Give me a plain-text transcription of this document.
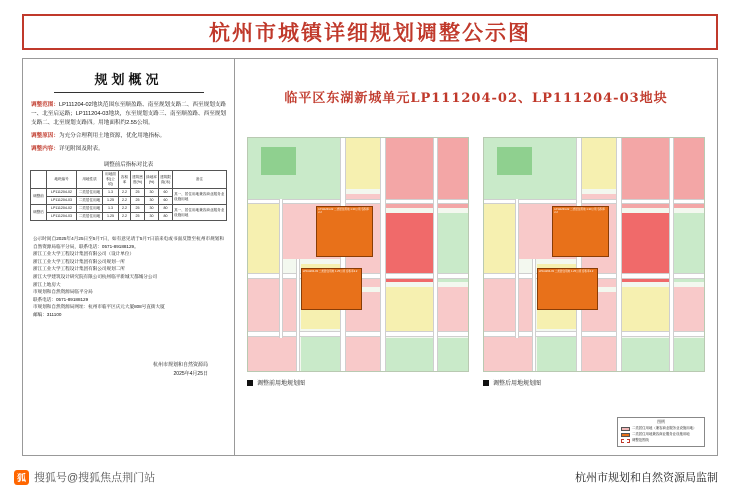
杭州市城镇详细规划调整公示图
规划概况
调整范围：LP111204-02地块范围东至顺盈路、南至规划支路二、西至规划支路一、北至启运路；LP111204-03地块，东至规划支路三、南至顺盈路、西至规划支路二、北至规划支路四。用地面积约2.55公顷。
调整原因：为充分合理利用土地资源，优化用地指标。
调整内容：详见附图及附表。
调整前后指标对比表
	地块编号	用地性质	用地面积(公顷)	容积率	建筑密度(%)	绿地率(%)	建筑限高(米)	备注
调整前	LP111204-02	二类居住用地	1.3	2.2	25	30	60	其一、居住用地兼容商业服务业设施用地
	LP111204-03	二类居住用地	1.25	2.2	25	30	60	
调整后	LP111204-02	二类居住用地	1.3	2.2	25	30	80	其一、居住用地兼容商业服务业设施用地
	LP111204-03	二类居住用地	1.25	2.2	25	30	80	
公示时间自2025年4月25日至5月7日，如有意见请于5月7日前来电或书面反馈至杭州市规划和自然资源局临平分局，联系电话：0571-89188129。
浙江工业大学工程设计集团有限公司（设计单位）
浙江工业大学工程设计集团有限公司规划一所
浙江工业大学工程设计集团有限公司规划二所
浙江大学建筑设计研究院有限公司杭州临平新城天都城分公司
浙江上地房大
市规划和自然资源局临平分局
联系电话：0571-89188129
市规划和自然资源局网址：杭州市临平区庆元大厦808号直街大厦
邮编：311100
杭州市规划和自然资源局
2025年4月25日
临平区东湖新城单元LP111204-02、LP111204-03地块
LP111204-02 二类居住用地 1.30公顷 容积率2.2
LP111204-03 二类居住用地 1.25公顷 容积率2.2
调整前用地规划图
LP111204-02 二类居住用地 1.30公顷 容积率2.2
LP111204-03 二类居住用地 1.25公顷 容积率2.2
调整后用地规划图
图例
二类居住用地（兼容商业服务业设施用地）
二类居住用地兼容商业服务业设施用地
调整范围线
狐 搜狐号@搜狐焦点荆门站	杭州市规划和自然资源局监制
